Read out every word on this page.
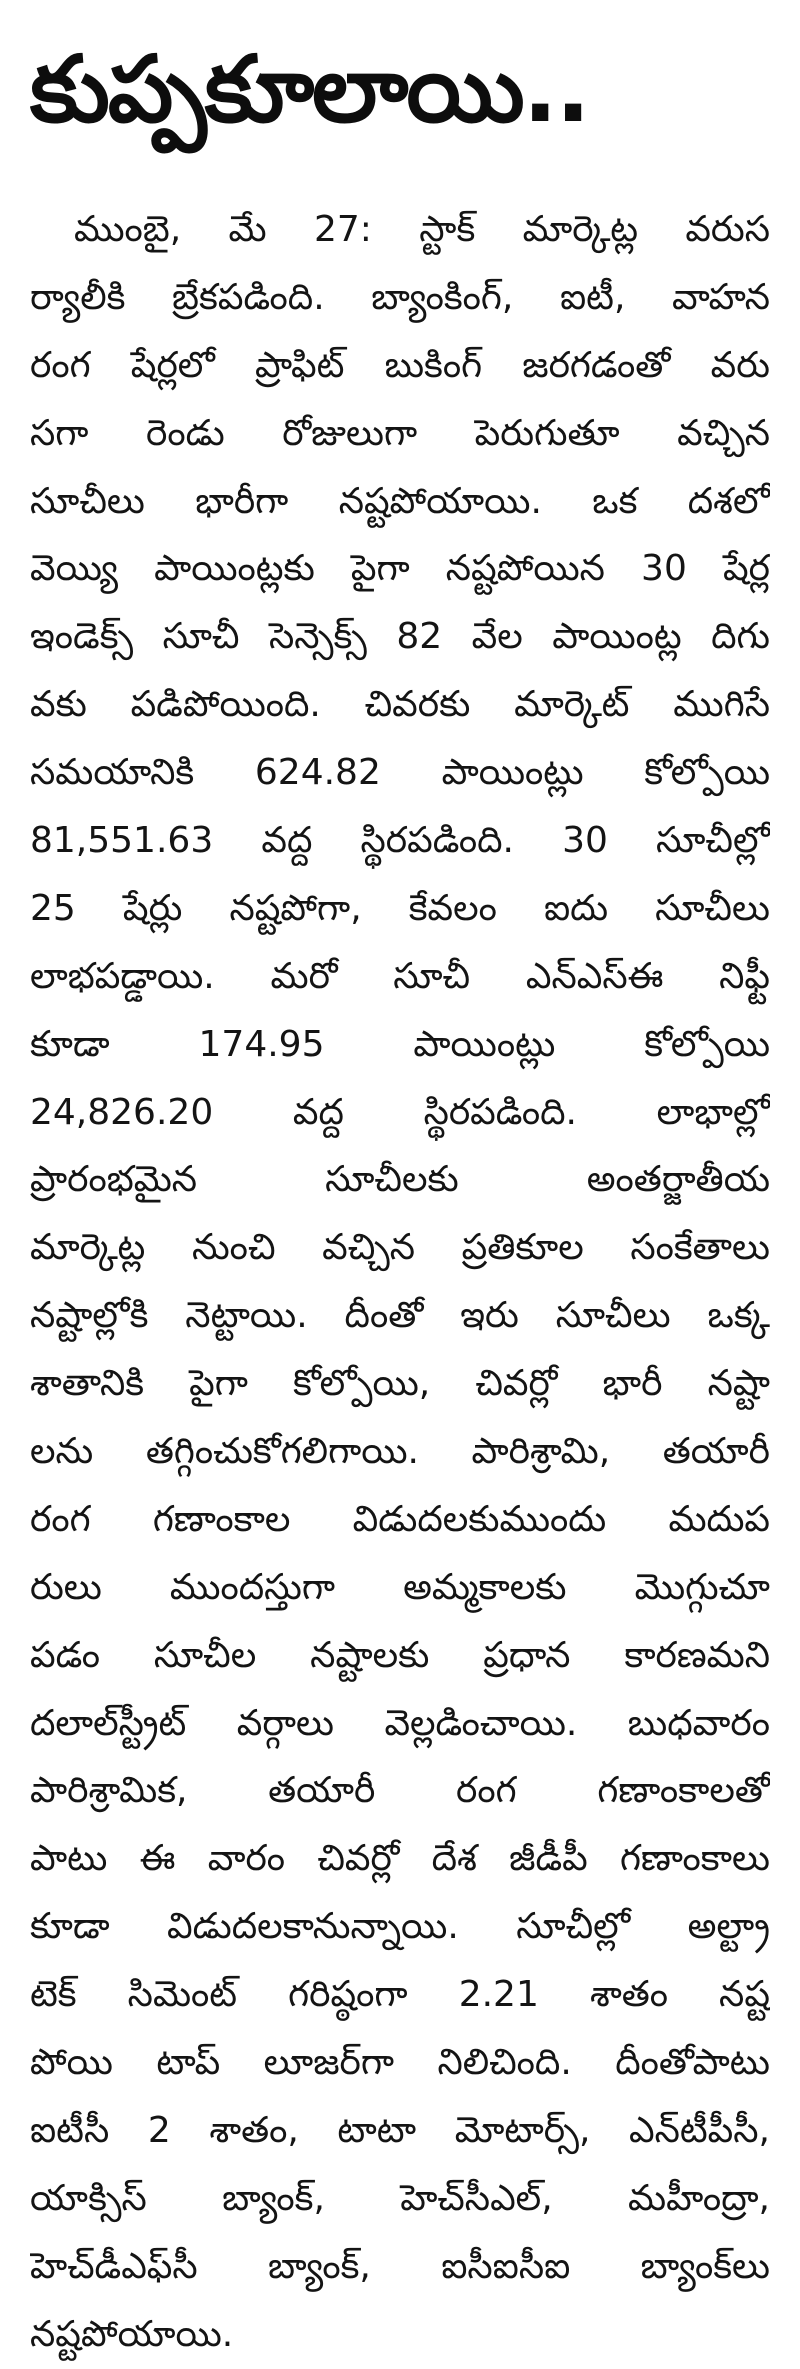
కుప్పకూలాయి..
ముంబై, మే 27: స్టాక్ మార్కెట్ల వరుస
ర్యాలీకి బ్రేకపడింది. బ్యాంకింగ్, ఐటీ, వాహన
రంగ షేర్లలో ప్రాఫిట్ బుకింగ్ జరగడంతో వరు
సగా రెండు రోజులుగా పెరుగుతూ వచ్చిన
సూచీలు భారీగా నష్టపోయాయి. ఒక దశలో
వెయ్యి పాయింట్లకు పైగా నష్టపోయిన 30 షేర్ల
ఇండెక్స్ సూచీ సెన్సెక్స్ 82 వేల పాయింట్ల దిగు
వకు పడిపోయింది. చివరకు మార్కెట్ ముగిసే
సమయానికి 624.82 పాయింట్లు కోల్పోయి
81,551.63 వద్ద స్థిరపడింది. 30 సూచీల్లో
25 షేర్లు నష్టపోగా, కేవలం ఐదు సూచీలు
లాభపడ్డాయి. మరో సూచీ ఎన్ఎస్ఈ నిఫ్టీ
కూడా 174.95 పాయింట్లు కోల్పోయి
24,826.20 వద్ద స్థిరపడింది. లాభాల్లో
ప్రారంభమైన సూచీలకు అంతర్జాతీయ
మార్కెట్ల నుంచి వచ్చిన ప్రతికూల సంకేతాలు
నష్టాల్లోకి నెట్టాయి. దీంతో ఇరు సూచీలు ఒక్క
శాతానికి పైగా కోల్పోయి, చివర్లో భారీ నష్టా
లను తగ్గించుకోగలిగాయి. పారిశ్రామి, తయారీ
రంగ గణాంకాల విడుదలకుముందు మదుప
రులు ముందస్తుగా అమ్మకాలకు మొగ్గుచూ
పడం సూచీల నష్టాలకు ప్రధాన కారణమని
దలాల్‌స్ట్రీట్ వర్గాలు వెల్లడించాయి. బుధవారం
పారిశ్రామిక, తయారీ రంగ గణాంకాలతో
పాటు ఈ వారం చివర్లో దేశ జీడీపీ గణాంకాలు
కూడా విడుదలకానున్నాయి. సూచీల్లో అల్ట్రా
టెక్ సిమెంట్ గరిష్ఠంగా 2.21 శాతం నష్ట
పోయి టాప్ లూజర్‌గా నిలిచింది. దీంతోపాటు
ఐటీసీ 2 శాతం, టాటా మోటార్స్, ఎన్‌టీపీసీ,
యాక్సిస్ బ్యాంక్, హెచ్‌సీఎల్, మహీంద్రా,
హెచ్‌డీఎఫ్‌సీ బ్యాంక్, ఐసీఐసీఐ బ్యాంక్‌లు
నష్టపోయాయి.
